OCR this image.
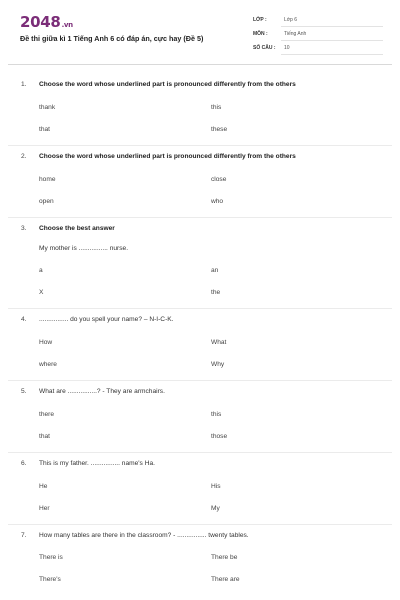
2048.vn
Đề thi giữa kì 1 Tiếng Anh 6 có đáp án, cực hay (Đề 5)
LỚP :	Lớp 6
MÔN :	Tiếng Anh
SỐ CÂU : 10
1. Choose the word whose underlined part is pronounced differently from the others
thank	this
that	these
2. Choose the word whose underlined part is pronounced differently from the others
home	close
open	who
3. Choose the best answer
My mother is ................ nurse.
a	an
X	the
4. ................ do you spell your name? – N-I-C-K.
How	What
where	Why
5. What are ................? - They are armchairs.
there	this
that	those
6. This is my father. ................ name's Ha.
He	His
Her	My
7. How many tables are there in the classroom? - ................ twenty tables.
There is	There be
There's	There are
